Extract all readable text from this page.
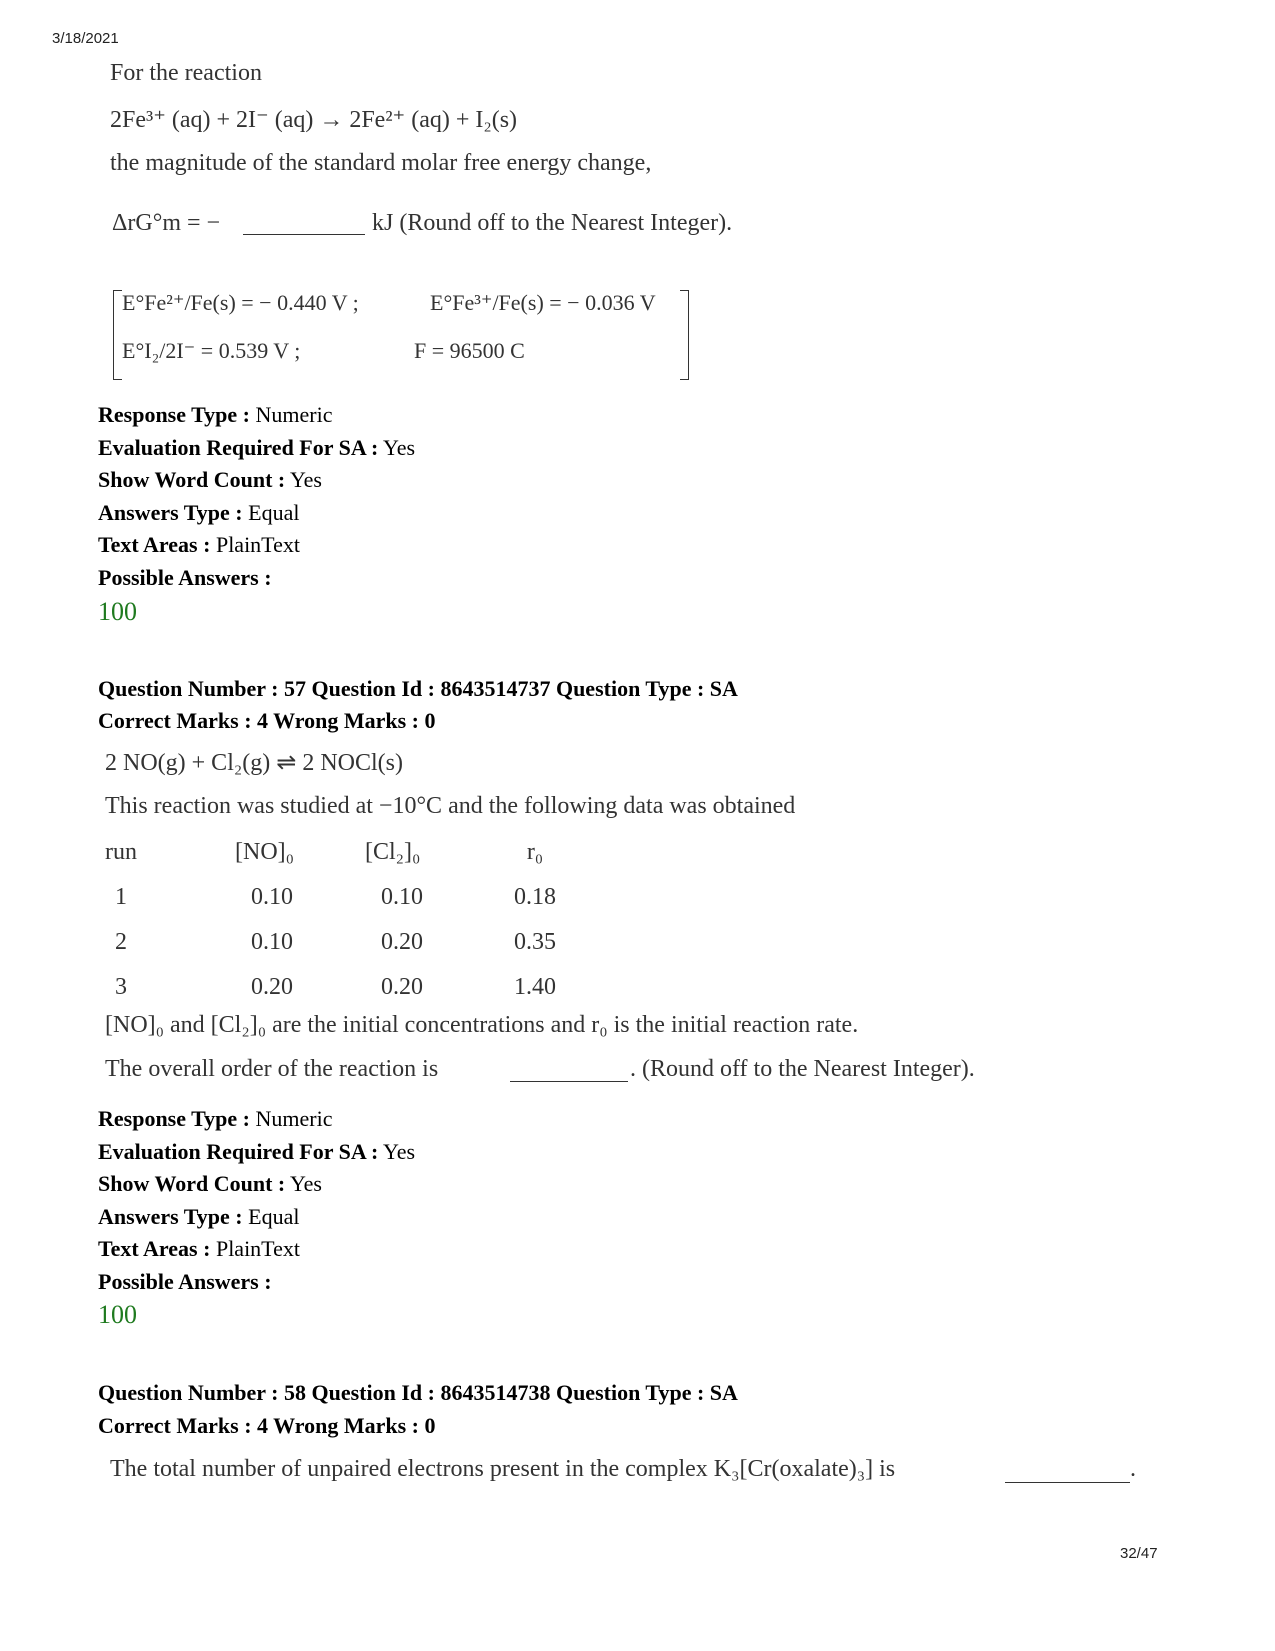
3/18/2021
For the reaction
2Fe³⁺ (aq) + 2I⁻ (aq) → 2Fe²⁺ (aq) + I₂(s)
the magnitude of the standard molar free energy change,
ΔrG°m = −	kJ (Round off to the Nearest Integer).
E°Fe²⁺/Fe(s) = − 0.440 V ;	E°Fe³⁺/Fe(s) = − 0.036 V
E°I₂/2I⁻ = 0.539 V ;	F = 96500 C
Response Type : Numeric
Evaluation Required For SA : Yes
Show Word Count : Yes
Answers Type : Equal
Text Areas : PlainText
Possible Answers :
100
Question Number : 57 Question Id : 8643514737 Question Type : SA
Correct Marks : 4 Wrong Marks : 0
2 NO(g) + Cl₂(g) ⇌ 2 NOCl(s)
This reaction was studied at −10°C and the following data was obtained
run	[NO]₀	[Cl₂]₀	r₀
1	0.10	0.10	0.18
2	0.10	0.20	0.35
3	0.20	0.20	1.40
[NO]₀ and [Cl₂]₀ are the initial concentrations and r₀ is the initial reaction rate.
The overall order of the reaction is	. (Round off to the Nearest Integer).
Response Type : Numeric
Evaluation Required For SA : Yes
Show Word Count : Yes
Answers Type : Equal
Text Areas : PlainText
Possible Answers :
100
Question Number : 58 Question Id : 8643514738 Question Type : SA
Correct Marks : 4 Wrong Marks : 0
The total number of unpaired electrons present in the complex K₃[Cr(oxalate)₃] is	.
32/47
